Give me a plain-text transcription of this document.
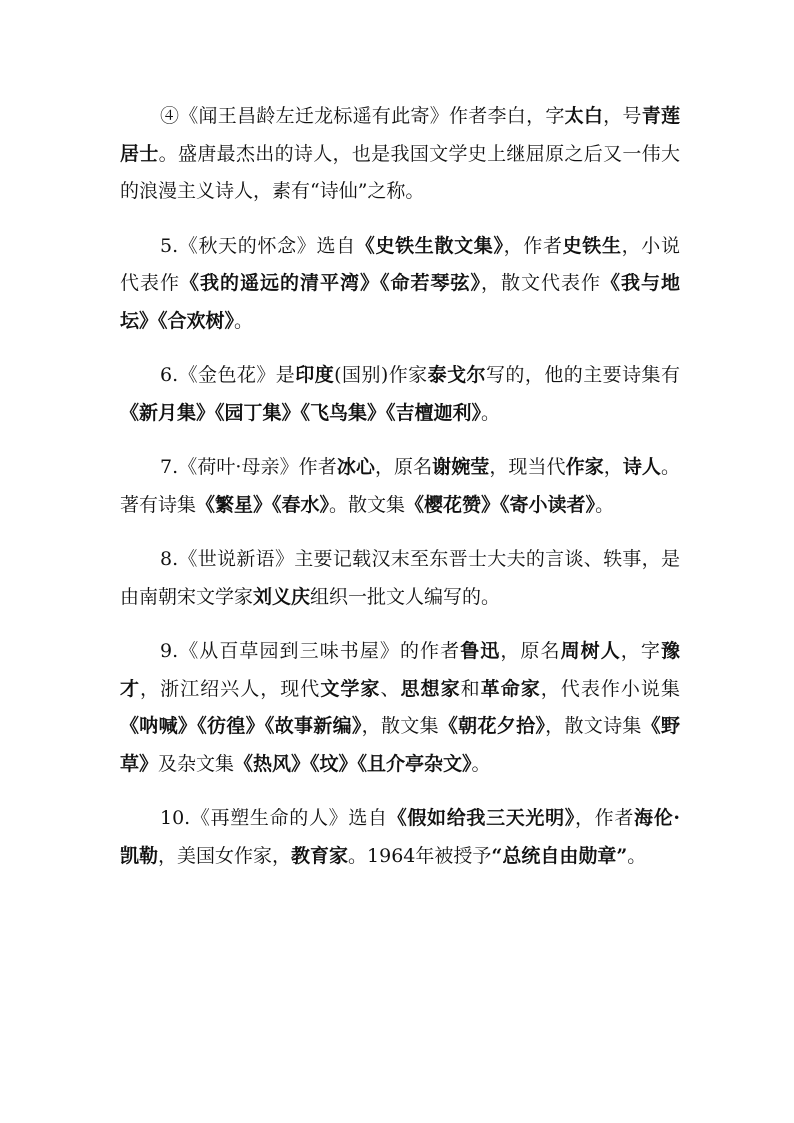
④《闻王昌龄左迁龙标遥有此寄》作者李白，字太白，号青莲居士。盛唐最杰出的诗人，也是我国文学史上继屈原之后又一伟大的浪漫主义诗人，素有“诗仙”之称。

5.《秋天的怀念》选自《史铁生散文集》，作者史铁生，小说代表作《我的遥远的清平湾》《命若琴弦》，散文代表作《我与地坛》《合欢树》。

6.《金色花》是印度(国别)作家泰戈尔写的，他的主要诗集有《新月集》《园丁集》《飞鸟集》《吉檀迦利》。

7.《荷叶·母亲》作者冰心，原名谢婉莹，现当代作家，诗人。著有诗集《繁星》《春水》。散文集《樱花赞》《寄小读者》。

8.《世说新语》主要记载汉末至东晋士大夫的言谈、轶事，是由南朝宋文学家刘义庆组织一批文人编写的。

9.《从百草园到三味书屋》的作者鲁迅，原名周树人，字豫才，浙江绍兴人，现代文学家、思想家和革命家，代表作小说集《呐喊》《彷徨》《故事新编》，散文集《朝花夕拾》，散文诗集《野草》及杂文集《热风》《坟》《且介亭杂文》。

10.《再塑生命的人》选自《假如给我三天光明》，作者海伦·凯勒，美国女作家，教育家。1964年被授予“总统自由勋章”。
